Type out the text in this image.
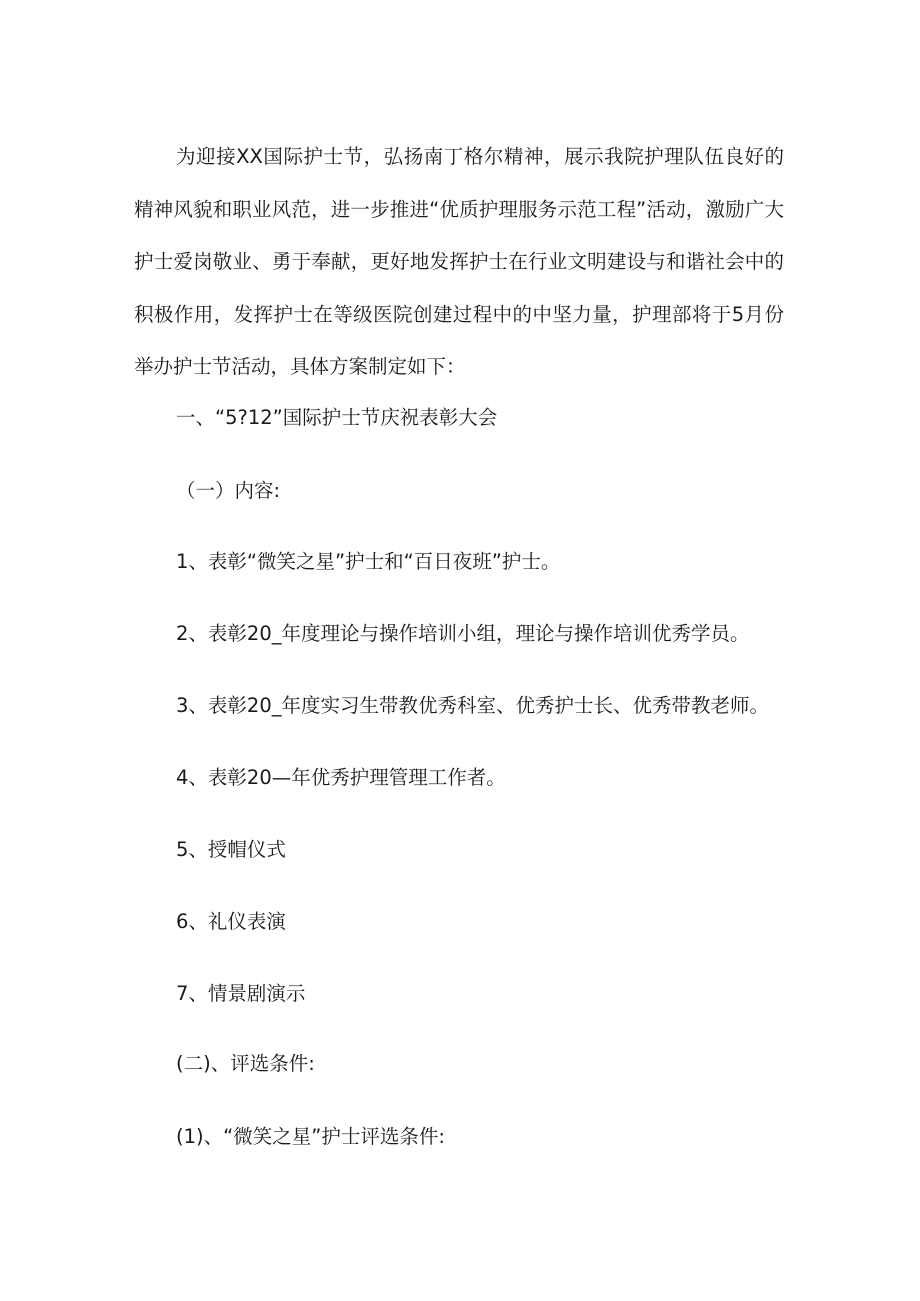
为迎接XX国际护士节，弘扬南丁格尔精神，展示我院护理队伍良好的精神风貌和职业风范，进一步推进“优质护理服务示范工程”活动，激励广大护士爱岗敬业、勇于奉献，更好地发挥护士在行业文明建设与和谐社会中的积极作用，发挥护士在等级医院创建过程中的中坚力量，护理部将于5月份举办护士节活动，具体方案制定如下：

一、“5?12”国际护士节庆祝表彰大会

（一）内容:

1、表彰“微笑之星”护士和“百日夜班”护士。

2、表彰20_年度理论与操作培训小组，理论与操作培训优秀学员。

3、表彰20_年度实习生带教优秀科室、优秀护士长、优秀带教老师。

4、表彰20—年优秀护理管理工作者。

5、授帽仪式

6、礼仪表演

7、情景剧演示

(二)、评选条件:

(1)、“微笑之星”护士评选条件:
